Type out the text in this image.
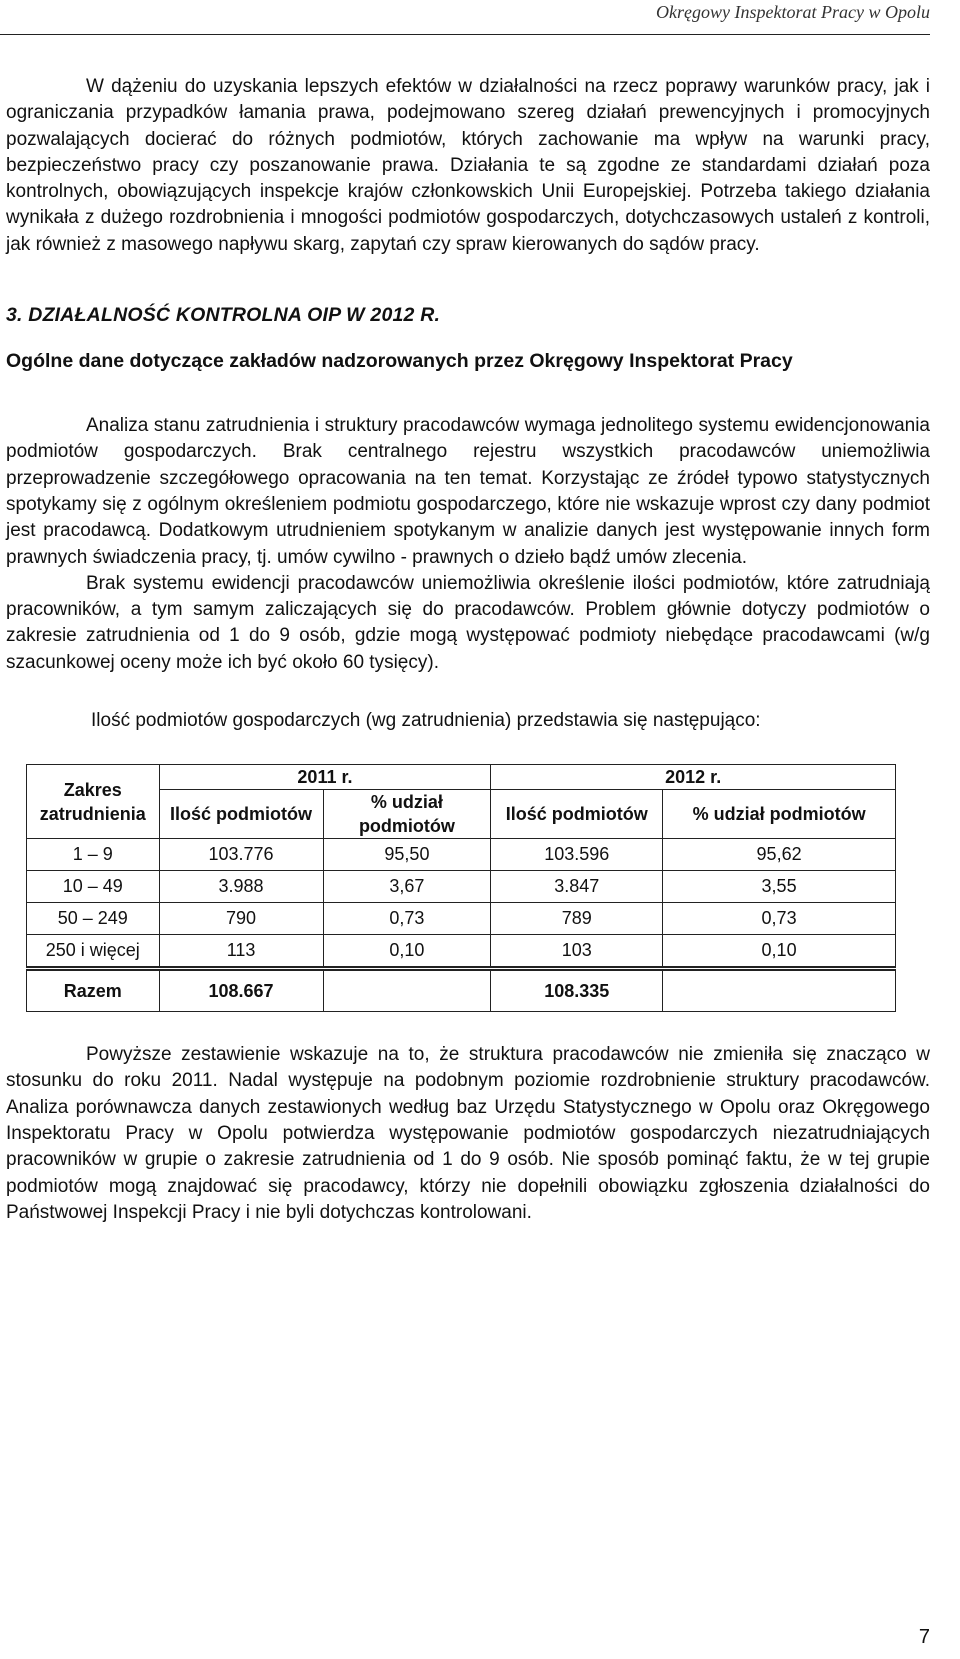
Okręgowy Inspektorat Pracy w Opolu

W dążeniu do uzyskania lepszych efektów w działalności na rzecz poprawy warunków pracy, jak i ograniczania przypadków łamania prawa, podejmowano szereg działań prewencyjnych i promocyjnych pozwalających docierać do różnych podmiotów, których zachowanie ma wpływ na warunki pracy, bezpieczeństwo pracy czy poszanowanie prawa. Działania te są zgodne ze standardami działań poza kontrolnych, obowiązujących inspekcje krajów członkowskich Unii Europejskiej. Potrzeba takiego działania wynikała z dużego rozdrobnienia i mnogości podmiotów gospodarczych, dotychczasowych ustaleń z kontroli, jak również z masowego napływu skarg, zapytań czy spraw kierowanych do sądów pracy.

3. DZIAŁALNOŚĆ KONTROLNA OIP W 2012 R.
Ogólne dane dotyczące zakładów nadzorowanych przez Okręgowy Inspektorat Pracy

Analiza stanu zatrudnienia i struktury pracodawców wymaga jednolitego systemu ewidencjonowania podmiotów gospodarczych. Brak centralnego rejestru wszystkich pracodawców uniemożliwia przeprowadzenie szczegółowego opracowania na ten temat. Korzystając ze źródeł typowo statystycznych spotykamy się z ogólnym określeniem podmiotu gospodarczego, które nie wskazuje wprost czy dany podmiot jest pracodawcą. Dodatkowym utrudnieniem spotykanym w analizie danych jest występowanie innych form prawnych świadczenia pracy, tj. umów cywilno - prawnych o dzieło bądź umów zlecenia.

Brak systemu ewidencji pracodawców uniemożliwia określenie ilości podmiotów, które zatrudniają pracowników, a tym samym zaliczających się do pracodawców. Problem głównie dotyczy podmiotów o zakresie zatrudnienia od 1 do 9 osób, gdzie mogą występować podmioty niebędące pracodawcami (w/g szacunkowej oceny może ich być około 60 tysięcy).

Ilość podmiotów gospodarczych (wg zatrudnienia) przedstawia się następująco:
Zakres zatrudnienia	2011 r.		2012 r.	
	Ilość podmiotów	% udział podmiotów	Ilość podmiotów	% udział podmiotów
1 – 9	103.776	95,50	103.596	95,62
10 – 49	3.988	3,67	3.847	3,55
50 – 249	790	0,73	789	0,73
250 i więcej	113	0,10	103	0,10
Razem	108.667		108.335	

Powyższe zestawienie wskazuje na to, że struktura pracodawców nie zmieniła się znacząco w stosunku do roku 2011. Nadal występuje na podobnym poziomie rozdrobnienie struktury pracodawców. Analiza porównawcza danych zestawionych według baz Urzędu Statystycznego w Opolu oraz Okręgowego Inspektoratu Pracy w Opolu potwierdza występowanie podmiotów gospodarczych niezatrudniających pracowników w grupie o zakresie zatrudnienia od 1 do 9 osób. Nie sposób pominąć faktu, że w tej grupie podmiotów mogą znajdować się pracodawcy, którzy nie dopełnili obowiązku zgłoszenia działalności do Państwowej Inspekcji Pracy i nie byli dotychczas kontrolowani.

7
